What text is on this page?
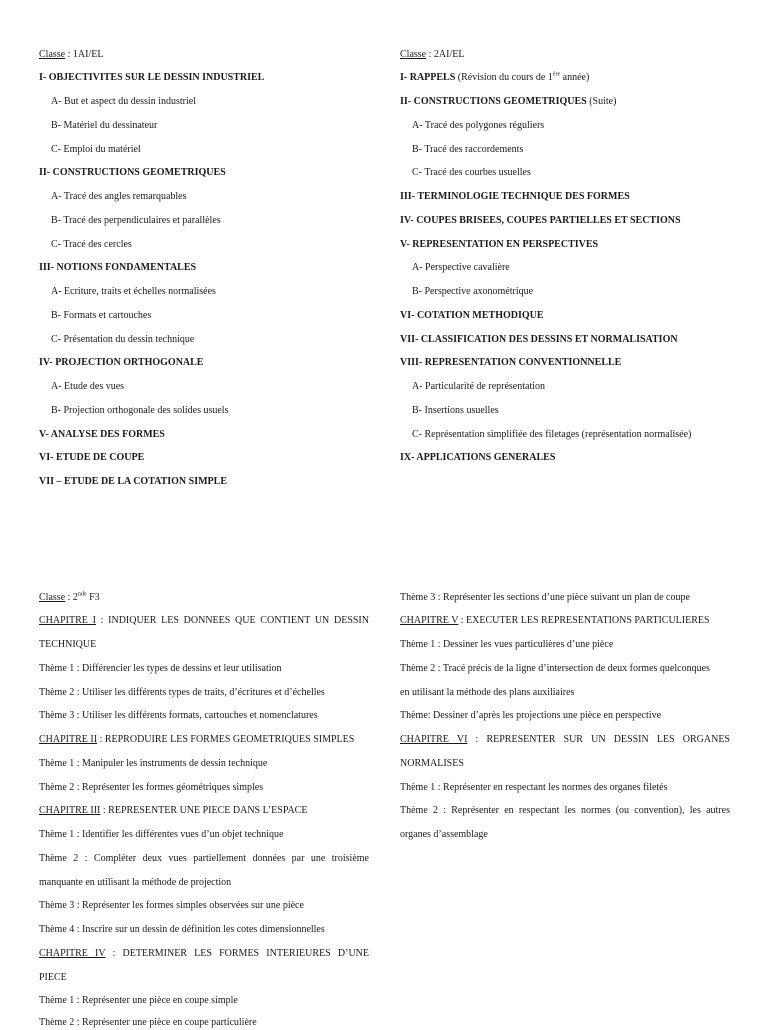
Classe : 1AI/EL
I- OBJECTIVITES SUR LE DESSIN INDUSTRIEL
A- But et aspect du dessin industriel
B- Matériel du dessinateur
C- Emploi du matériel
II- CONSTRUCTIONS GEOMETRIQUES
A- Tracé des angles remarquables
B- Tracé des perpendiculaires et parallèles
C- Tracé des cercles
III- NOTIONS FONDAMENTALES
A- Ecriture, traits et échelles normalisées
B- Formats et cartouches
C- Présentation du dessin technique
IV- PROJECTION ORTHOGONALE
A- Etude des vues
B- Projection orthogonale des solides usuels
V- ANALYSE DES FORMES
VI- ETUDE DE COUPE
VII – ETUDE DE LA COTATION SIMPLE
Classe : 2AI/EL
I- RAPPELS (Révision du cours de 1ère année)
II- CONSTRUCTIONS GEOMETRIQUES (Suite)
A- Tracé des polygones réguliers
B- Tracé des raccordements
C- Tracé des courbes usuelles
III- TERMINOLOGIE TECHNIQUE DES FORMES
IV- COUPES BRISEES, COUPES PARTIELLES ET SECTIONS
V- REPRESENTATION EN PERSPECTIVES
A- Perspective cavalière
B- Perspective axonométrique
VI- COTATION METHODIQUE
VII- CLASSIFICATION DES DESSINS ET NORMALISATION
VIII- REPRESENTATION CONVENTIONNELLE
A- Particularité de représentation
B- Insertions usuelles
C- Représentation simplifiée des filetages (représentation normalisée)
IX- APPLICATIONS GENERALES
Classe : 2nde F3
CHAPITRE I : INDIQUER LES DONNEES QUE CONTIENT UN DESSIN
TECHNIQUE
Thème 1 : Différencier les types de dessins et leur utilisation
Thème 2 : Utiliser les différents types de traits, d’écritures et d’échelles
Thème 3 : Utiliser les différents formats, cartouches et nomenclatures
CHAPITRE II : REPRODUIRE LES FORMES GEOMETRIQUES SIMPLES
Thème 1 : Manipuler les instruments de dessin technique
Thème 2 : Représenter les formes géométriques simples
CHAPITRE III : REPRESENTER UNE PIECE DANS L’ESPACE
Thème 1 : Identifier les différentes vues d’un objet technique
Thème 2 : Compléter deux vues partiellement données par une troisième
manquante en utilisant la méthode de projection
Thème 3 : Représenter les formes simples observées sur une pièce
Thème 4 : Inscrire sur un dessin de définition les cotes dimensionnelles
CHAPITRE IV : DETERMINER LES FORMES INTERIEURES D’UNE
PIECE
Thème 1 : Représenter une pièce en coupe simple
Thème 2 : Représenter une pièce en coupe particulière
Thème 3 : Représenter les sections d’une pièce suivant un plan de coupe
CHAPITRE V : EXECUTER LES REPRESENTATIONS PARTICULIERES
Thème 1 : Dessiner les vues particulières d’une pièce
Thème 2 : Tracé précis de la ligne d’intersection de deux formes quelconques
en utilisant la méthode des plans auxiliaires
Thème: Dessiner d’après les projections une pièce en perspective
CHAPITRE VI : REPRESENTER SUR UN DESSIN LES ORGANES
NORMALISES
Thème 1 : Représenter en respectant les normes des organes filetés
Thème 2 : Représenter en respectant les normes (ou convention), les autres
organes d’assemblage
